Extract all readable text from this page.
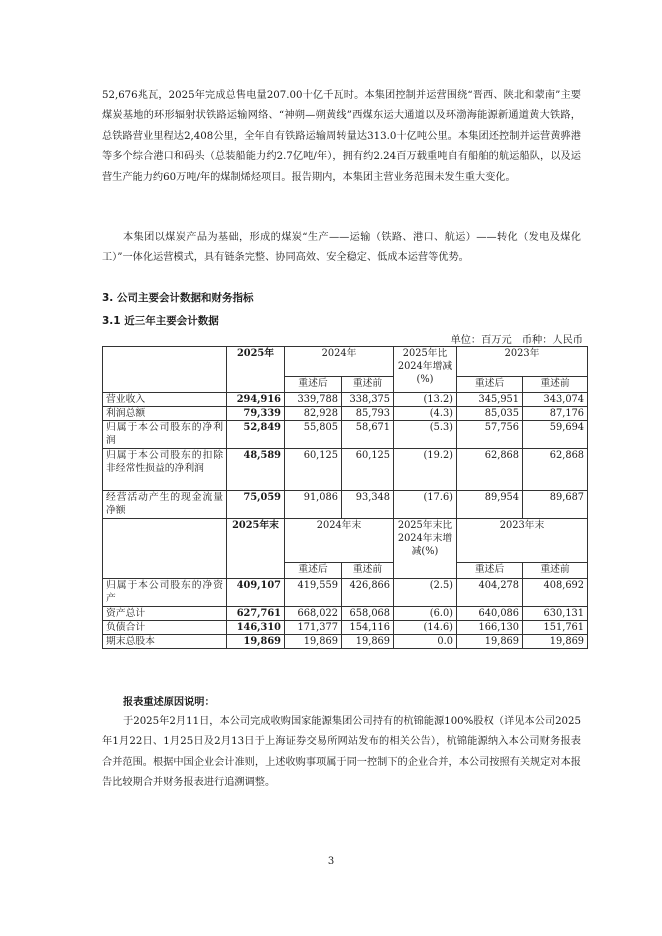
52,676兆瓦，2025年完成总售电量207.00十亿千瓦时。本集团控制并运营围绕“晋西、陕北和蒙南”主要煤炭基地的环形辐射状铁路运输网络、“神朔—朔黄线”西煤东运大通道以及环渤海能源新通道黄大铁路，总铁路营业里程达2,408公里，全年自有铁路运输周转量达313.0十亿吨公里。本集团还控制并运营黄骅港等多个综合港口和码头（总装船能力约2.7亿吨/年），拥有约2.24百万载重吨自有船舶的航运船队，以及运营生产能力约60万吨/年的煤制烯烃项目。报告期内，本集团主营业务范围未发生重大变化。

本集团以煤炭产品为基础，形成的煤炭“生产——运输（铁路、港口、航运）——转化（发电及煤化工）”一体化运营模式，具有链条完整、协同高效、安全稳定、低成本运营等优势。

3. 公司主要会计数据和财务指标
3.1 近三年主要会计数据
单位：百万元　币种：人民币
	2025年	2024年		2025年比2024年增减(%)	2023年	
		重述后	重述前		重述后	重述前
营业收入	294,916	339,788	338,375	(13.2)	345,951	343,074
利润总额	79,339	82,928	85,793	(4.3)	85,035	87,176
归属于本公司股东的净利润	52,849	55,805	58,671	(5.3)	57,756	59,694
归属于本公司股东的扣除非经常性损益的净利润	48,589	60,125	60,125	(19.2)	62,868	62,868
经营活动产生的现金流量净额	75,059	91,086	93,348	(17.6)	89,954	89,687
	2025年末	2024年末		2025年末比2024年末增减(%)	2023年末	
		重述后	重述前		重述后	重述前
归属于本公司股东的净资产	409,107	419,559	426,866	(2.5)	404,278	408,692
资产总计	627,761	668,022	658,068	(6.0)	640,086	630,131
负债合计	146,310	171,377	154,116	(14.6)	166,130	151,761
期末总股本	19,869	19,869	19,869	0.0	19,869	19,869
报表重述原因说明：

于2025年2月11日，本公司完成收购国家能源集团公司持有的杭锦能源100%股权（详见本公司2025年1月22日、1月25日及2月13日于上海证券交易所网站发布的相关公告），杭锦能源纳入本公司财务报表合并范围。根据中国企业会计准则，上述收购事项属于同一控制下的企业合并，本公司按照有关规定对本报告比较期合并财务报表进行追溯调整。

3
